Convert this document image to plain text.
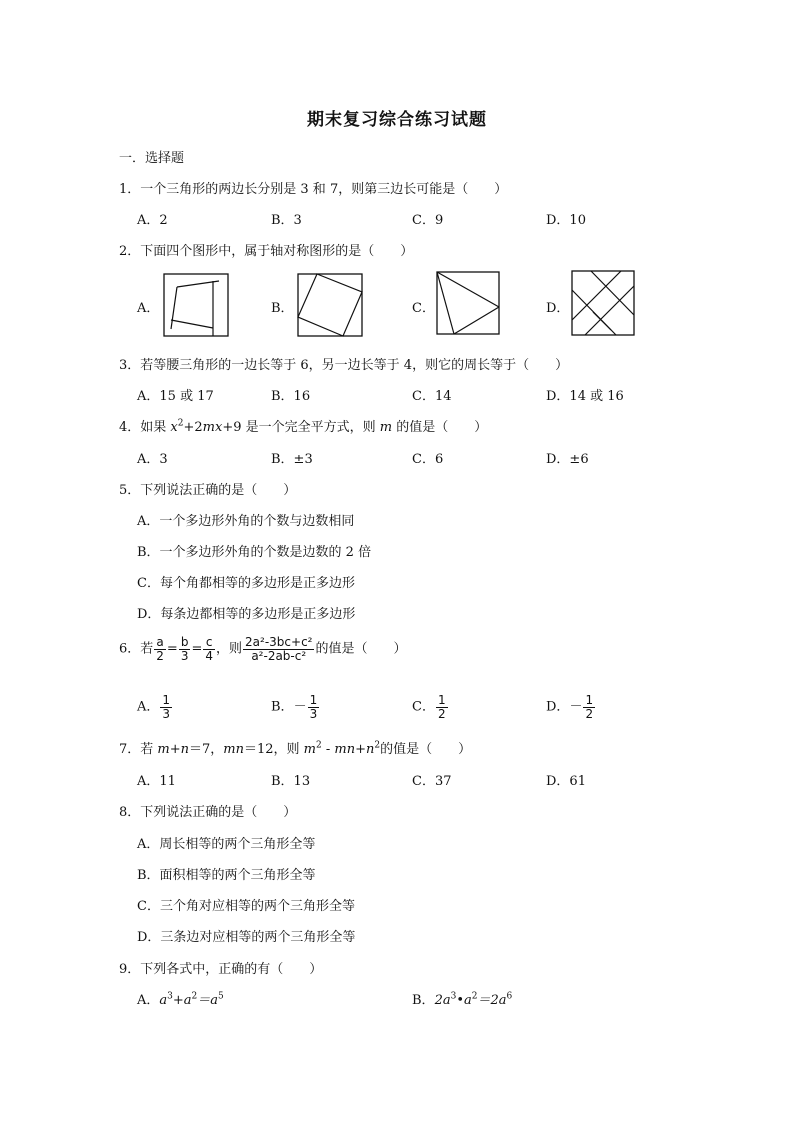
期末复习综合练习试题
一．选择题
1．一个三角形的两边长分别是 3 和 7，则第三边长可能是（　　）
A．2	B．3	C．9	D．10
2．下面四个图形中，属于轴对称图形的是（　　）
A．	B．	C．	D．
3．若等腰三角形的一边长等于 6，另一边长等于 4，则它的周长等于（　　）
A．15 或 17	B．16	C．14	D．14 或 16
4．如果 $x^2+2mx+9$ 是一个完全平方式，则 m 的值是（　　）
A．3	B．±3	C．6	D．±6
5．下列说法正确的是（　　）
A．一个多边形外角的个数与边数相同
B．一个多边形外角的个数是边数的 2 倍
C．每个角都相等的多边形是正多边形
D．每条边都相等的多边形是正多边形
6．若 $\frac{a}{2} = \frac{b}{3} = \frac{c}{4}$ ，则 $\frac{\text{2a²-3bc+c²}}{\text{a²-2ab-c²}}$ 的值是（　　）
A． $\frac{1}{3}$	B．－ $\frac{1}{3}$	C． $\frac{1}{2}$	D．－ $\frac{1}{2}$
7．若 m+n＝7，mn＝12，则 $m^2 - mn+n^2$的值是（　　）
A．11	B．13	C．37	D．61
8．下列说法正确的是（　　）
A．周长相等的两个三角形全等
B．面积相等的两个三角形全等
C．三个角对应相等的两个三角形全等
D．三条边对应相等的两个三角形全等
9．下列各式中，正确的有（　　）
A．$a^3+a^2=a^5$	B．$2a^3•a^2=2a^6$
